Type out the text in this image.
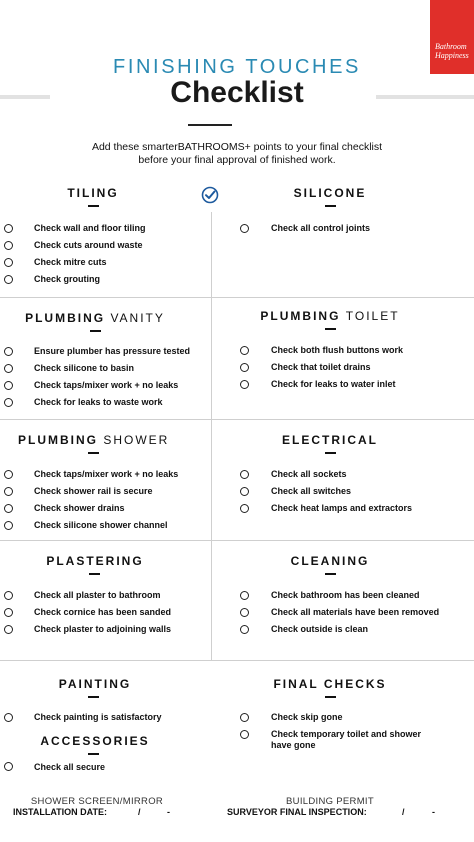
Bathroom
Happiness
FINISHING TOUCHES
Checklist
Add these smarterBATHROOMS+ points to your final checklist
before your final approval of finished work.
TILING
Check wall and floor tiling
Check cuts around waste
Check mitre cuts
Check grouting
SILICONE
Check all control joints
PLUMBING VANITY
Ensure plumber has pressure tested
Check silicone to basin
Check taps/mixer work + no leaks
Check for leaks to waste work
PLUMBING TOILET
Check both flush buttons work
Check that toilet drains
Check for leaks to water inlet
PLUMBING SHOWER
Check taps/mixer work + no leaks
Check shower rail is secure
Check shower drains
Check silicone shower channel
ELECTRICAL
Check all sockets
Check all switches
Check heat lamps and extractors
PLASTERING
Check all plaster to bathroom
Check cornice has been sanded
Check plaster to adjoining walls
CLEANING
Check bathroom has been cleaned
Check all materials have been removed
Check outside is clean
PAINTING
Check painting is satisfactory
ACCESSORIES
Check all secure
FINAL CHECKS
Check skip gone
Check temporary toilet and shower
have gone
SHOWER SCREEN/MIRROR
INSTALLATION DATE:	/	-
BUILDING PERMIT
SURVEYOR FINAL INSPECTION:	/	-
